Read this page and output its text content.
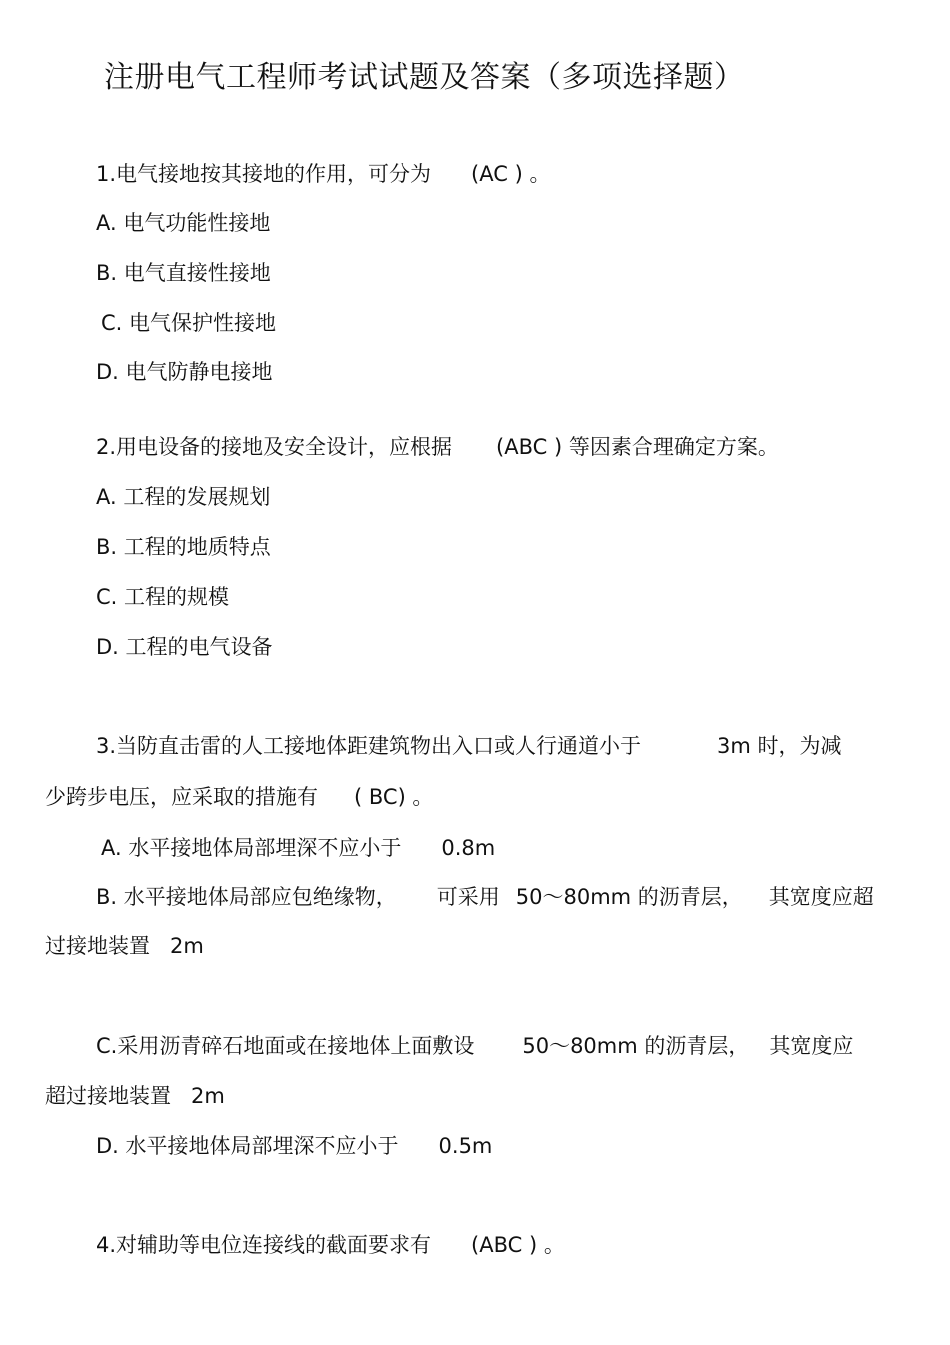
注册电气工程师考试试题及答案（多项选择题）
1.电气接地按其接地的作用，可分为 (AC ) 。
A. 电气功能性接地
B. 电气直接性接地
C. 电气保护性接地
D. 电气防静电接地
2.用电设备的接地及安全设计，应根据 (ABC ) 等因素合理确定方案。
A. 工程的发展规划
B. 工程的地质特点
C. 工程的规模
D. 工程的电气设备
3.当防直击雷的人工接地体距建筑物出入口或人行通道小于	3m 时，为减
少跨步电压，应采取的措施有 ( BC) 。
A. 水平接地体局部埋深不应小于 0.8m
B. 水平接地体局部应包绝缘物， 可采用 50～80mm 的沥青层， 其宽度应超
过接地装置 2m
C.采用沥青碎石地面或在接地体上面敷设 50～80mm 的沥青层， 其宽度应
超过接地装置 2m
D. 水平接地体局部埋深不应小于 0.5m
4.对辅助等电位连接线的截面要求有 (ABC ) 。
